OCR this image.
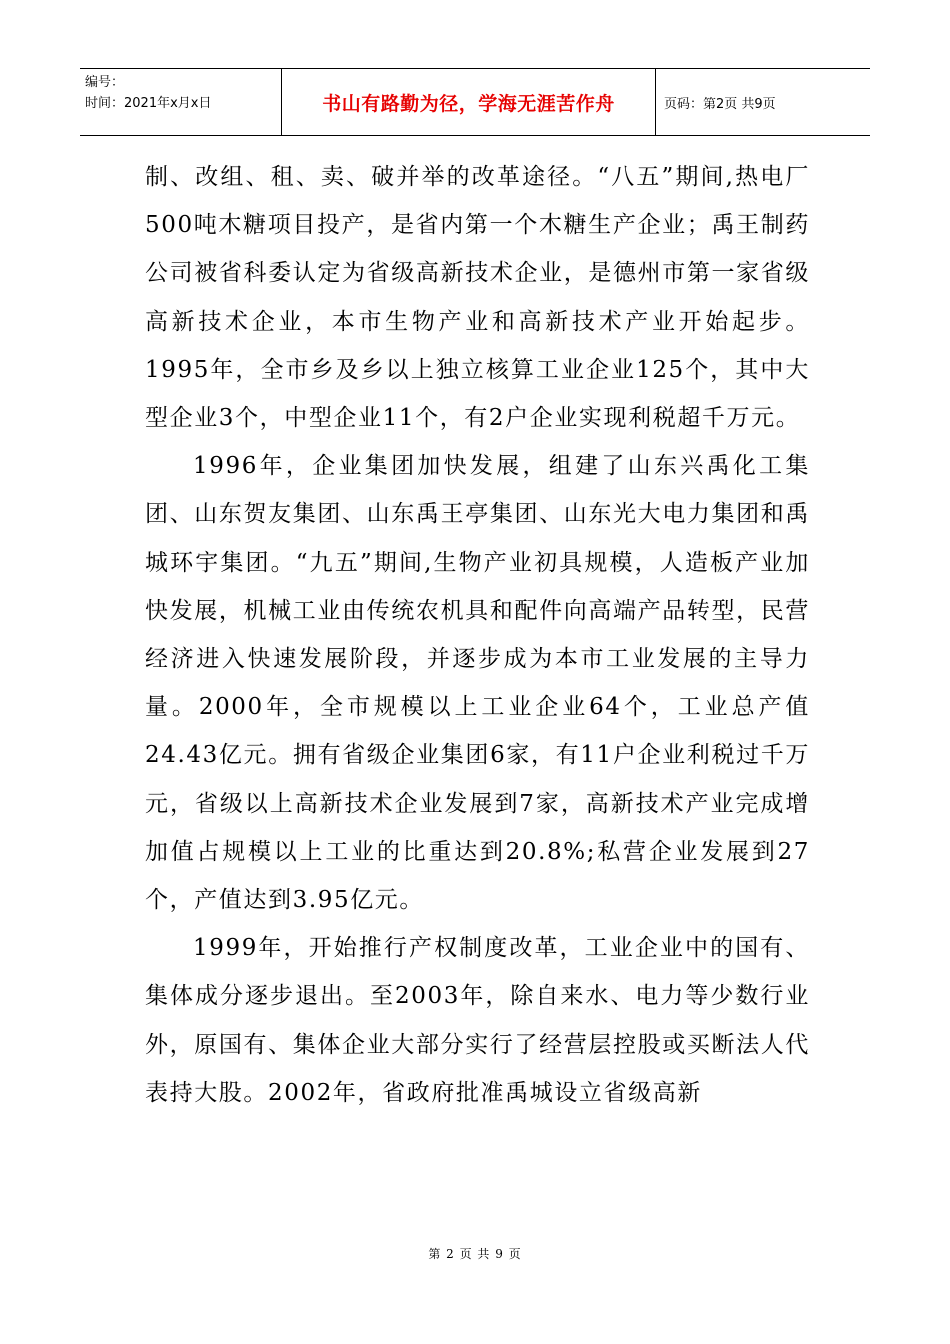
编号：
时间：2021年x月x日	书山有路勤为径，学海无涯苦作舟	页码：第2页 共9页

制、改组、租、卖、破并举的改革途径。“八五”期间,热电厂500吨木糖项目投产，是省内第一个木糖生产企业；禹王制药公司被省科委认定为省级高新技术企业，是德州市第一家省级高新技术企业，本市生物产业和高新技术产业开始起步。1995年，全市乡及乡以上独立核算工业企业125个，其中大型企业3个，中型企业11个，有2户企业实现利税超千万元。

1996年，企业集团加快发展，组建了山东兴禹化工集团、山东贺友集团、山东禹王亭集团、山东光大电力集团和禹城环宇集团。“九五”期间,生物产业初具规模，人造板产业加快发展，机械工业由传统农机具和配件向高端产品转型，民营经济进入快速发展阶段，并逐步成为本市工业发展的主导力量。2000年，全市规模以上工业企业64个，工业总产值24.43亿元。拥有省级企业集团6家，有11户企业利税过千万元，省级以上高新技术企业发展到7家，高新技术产业完成增加值占规模以上工业的比重达到20.8%;私营企业发展到27个，产值达到3.95亿元。

1999年，开始推行产权制度改革，工业企业中的国有、集体成分逐步退出。至2003年，除自来水、电力等少数行业外，原国有、集体企业大部分实行了经营层控股或买断法人代表持大股。2002年，省政府批准禹城设立省级高新

第 2 页 共 9 页
